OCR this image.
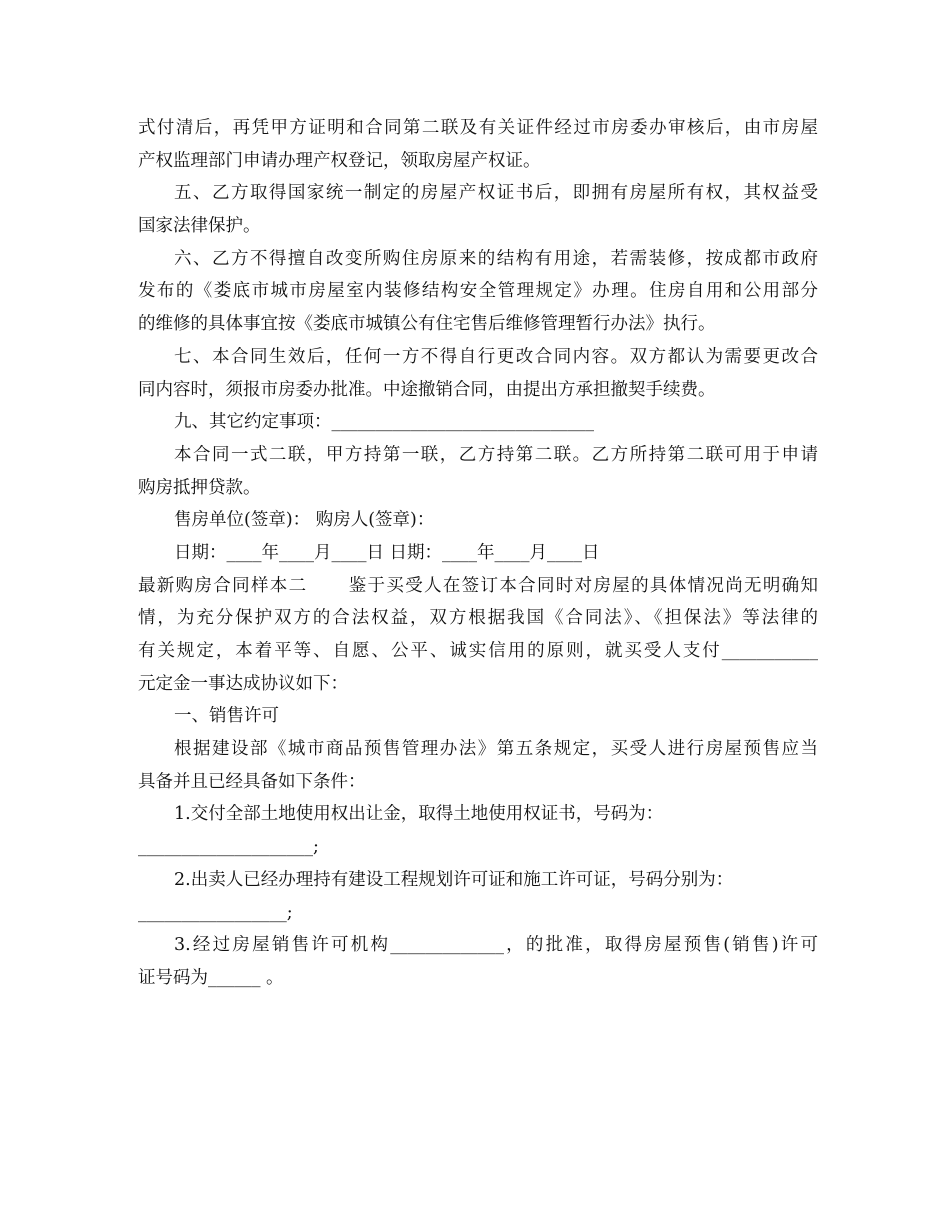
式付清后，再凭甲方证明和合同第二联及有关证件经过市房委办审核后，由市房屋

产权监理部门申请办理产权登记，领取房屋产权证。

五、乙方取得国家统一制定的房屋产权证书后，即拥有房屋所有权，其权益受

国家法律保护。

六、乙方不得擅自改变所购住房原来的结构有用途，若需装修，按成都市政府

发布的《娄底市城市房屋室内装修结构安全管理规定》办理。住房自用和公用部分

的维修的具体事宜按《娄底市城镇公有住宅售后维修管理暂行办法》执行。

七、本合同生效后，任何一方不得自行更改合同内容。双方都认为需要更改合

同内容时，须报市房委办批准。中途撤销合同，由提出方承担撤契手续费。

九、其它约定事项：______________________________

本合同一式二联，甲方持第一联，乙方持第二联。乙方所持第二联可用于申请

购房抵押贷款。

售房单位(签章)： 购房人(签章)：

日期：____年____月____日 日期：____年____月____日

最新购房合同样本二      鉴于买受人在签订本合同时对房屋的具体情况尚无明确知

情，为充分保护双方的合法权益，双方根据我国《合同法》、《担保法》等法律的

有关规定，本着平等、自愿、公平、诚实信用的原则，就买受人支付___________

元定金一事达成协议如下：

一、销售许可

根据建设部《城市商品预售管理办法》第五条规定，买受人进行房屋预售应当

具备并且已经具备如下条件：

1.交付全部土地使用权出让金，取得土地使用权证书，号码为：

____________________;

2.出卖人已经办理持有建设工程规划许可证和施工许可证，号码分别为：

_________________;

3.经过房屋销售许可机构_____________，的批准，取得房屋预售(销售)许可

证号码为______ 。
